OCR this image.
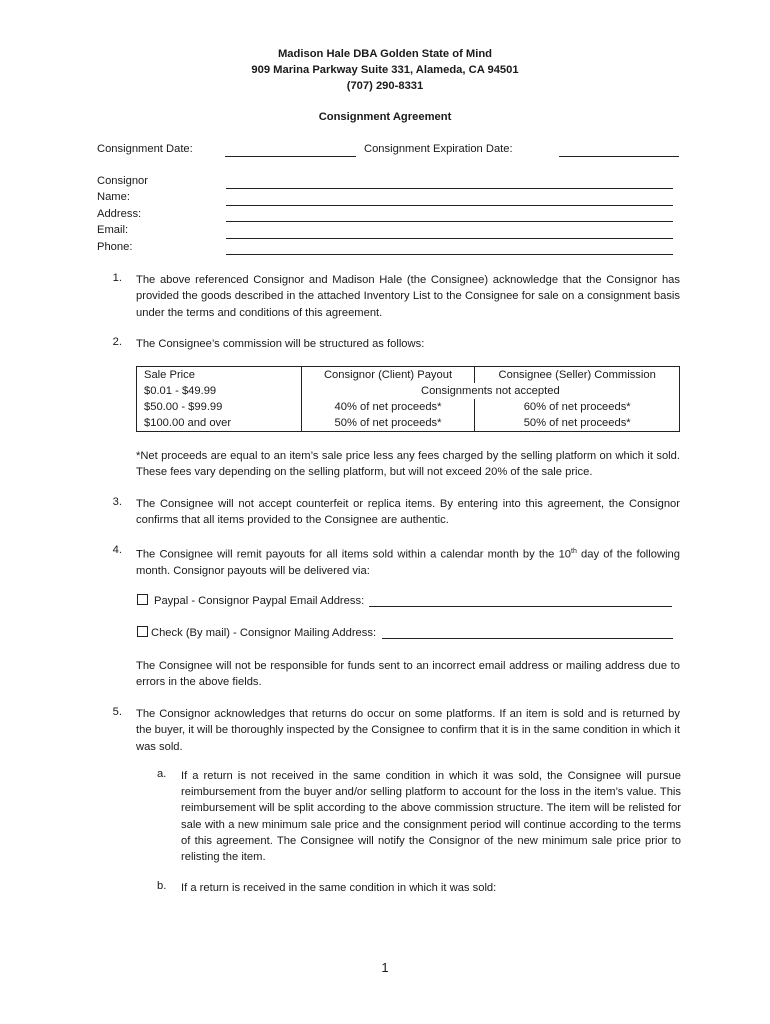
Madison Hale DBA Golden State of Mind
909 Marina Parkway Suite 331, Alameda, CA 94501
(707) 290-8331
Consignment Agreement
Consignment Date:	Consignment Expiration Date:
Consignor
Name:
Address:
Email:
Phone:
1. The above referenced Consignor and Madison Hale (the Consignee) acknowledge that the Consignor has provided the goods described in the attached Inventory List to the Consignee for sale on a consignment basis under the terms and conditions of this agreement.
2. The Consignee’s commission will be structured as follows:
Sale Price	Consignor (Client) Payout	Consignee (Seller) Commission
$0.01 - $49.99	Consignments not accepted	
$50.00 - $99.99	40% of net proceeds*	60% of net proceeds*
$100.00 and over	50% of net proceeds*	50% of net proceeds*
*Net proceeds are equal to an item’s sale price less any fees charged by the selling platform on which it sold. These fees vary depending on the selling platform, but will not exceed 20% of the sale price.
3. The Consignee will not accept counterfeit or replica items. By entering into this agreement, the Consignor confirms that all items provided to the Consignee are authentic.
4. The Consignee will remit payouts for all items sold within a calendar month by the 10th day of the following month. Consignor payouts will be delivered via:
Paypal - Consignor Paypal Email Address:
Check (By mail) - Consignor Mailing Address:
The Consignee will not be responsible for funds sent to an incorrect email address or mailing address due to errors in the above fields.
5. The Consignor acknowledges that returns do occur on some platforms. If an item is sold and is returned by the buyer, it will be thoroughly inspected by the Consignee to confirm that it is in the same condition in which it was sold.
a. If a return is not received in the same condition in which it was sold, the Consignee will pursue reimbursement from the buyer and/or selling platform to account for the loss in the item’s value. This reimbursement will be split according to the above commission structure. The item will be relisted for sale with a new minimum sale price and the consignment period will continue according to the terms of this agreement. The Consignee will notify the Consignor of the new minimum sale price prior to relisting the item.
b. If a return is received in the same condition in which it was sold:
1
